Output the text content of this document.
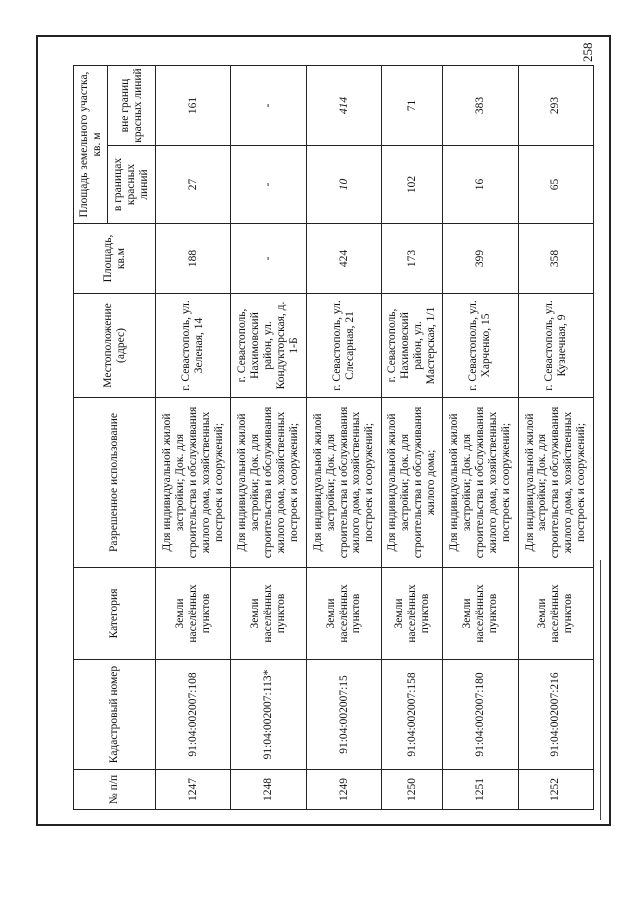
258
№ п/п	Кадастровый номер	Категория	Разрешенное использование	Местоположение (адрес)	Площадь, кв.м	Площадь земельного участка, кв. м	
						в границах красных линий	вне границ красных линий
1247	91:04:002007:108	Земли населённых пунктов	Для индивидуальной жилой застройки; Док. для строительства и обслуживания жилого дома, хозяйственных построек и сооружений;	г. Севастополь, ул. Зеленая, 14	188	27	161
1248	91:04:002007:113*	Земли населённых пунктов	Для индивидуальной жилой застройки; Док. для строительства и обслуживания жилого дома, хозяйственных построек и сооружений;	г. Севастополь, Нахимовский район, ул. Кондукторская, д. 1-Б	-	-	-
1249	91:04:002007:15	Земли населённых пунктов	Для индивидуальной жилой застройки; Док. для строительства и обслуживания жилого дома, хозяйственных построек и сооружений;	г. Севастополь, ул. Слесарная, 21	424	10	414
1250	91:04:002007:158	Земли населённых пунктов	Для индивидуальной жилой застройки; Док. для строительства и обслуживания жилого дома;	г. Севастополь, Нахимовский район, ул. Мастерская, 1/1	173	102	71
1251	91:04:002007:180	Земли населённых пунктов	Для индивидуальной жилой застройки; Док. для строительства и обслуживания жилого дома, хозяйственных построек и сооружений;	г. Севастополь, ул. Харченко, 15	399	16	383
1252	91:04:002007:216	Земли населённых пунктов	Для индивидуальной жилой застройки; Док. для строительства и обслуживания жилого дома, хозяйственных построек и сооружений;	г. Севастополь, ул. Кузнечная, 9	358	65	293
